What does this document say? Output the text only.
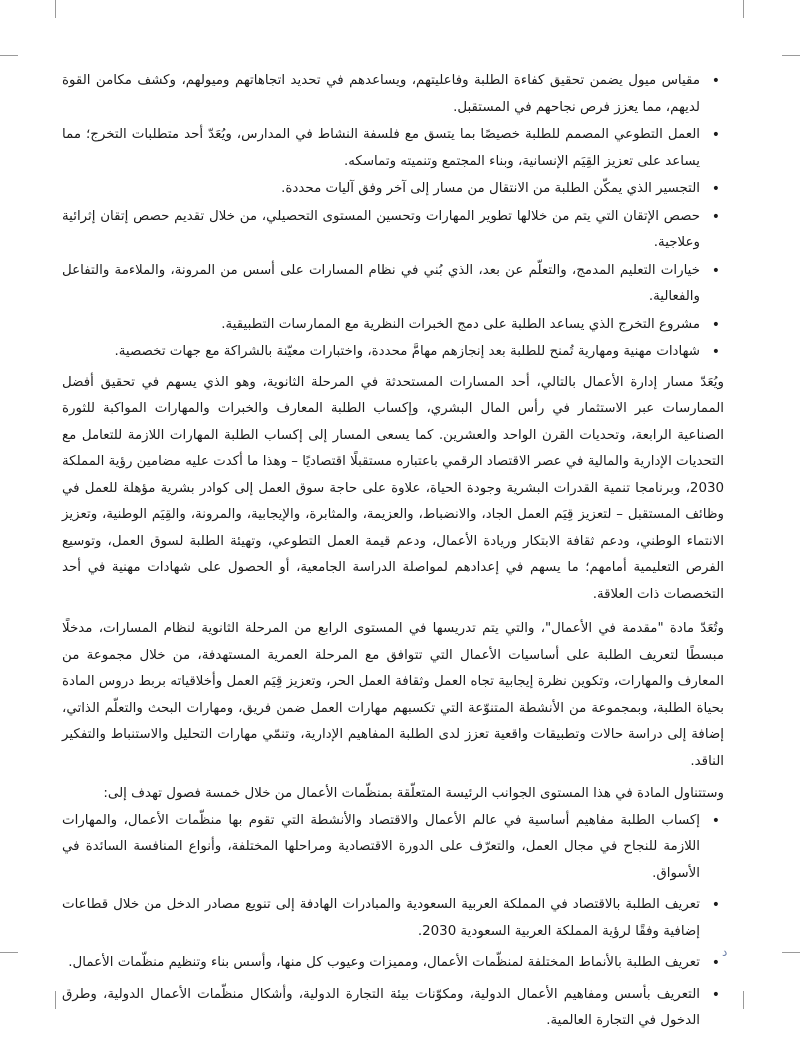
• مقياس ميول يضمن تحقيق كفاءة الطلبة وفاعليتهم، ويساعدهم في تحديد اتجاهاتهم وميولهم، وكشف مكامن القوة لديهم، مما يعزز فرص نجاحهم في المستقبل.
• العمل التطوعي المصمم للطلبة خصيصًا بما يتسق مع فلسفة النشاط في المدارس، ويُعَدّ أحد متطلبات التخرج؛ مما يساعد على تعزيز القِيَم الإنسانية، وبناء المجتمع وتنميته وتماسكه.
• التجسير الذي يمكّن الطلبة من الانتقال من مسار إلى آخر وفق آليات محددة.
• حصص الإتقان التي يتم من خلالها تطوير المهارات وتحسين المستوى التحصيلي، من خلال تقديم حصص إتقان إثرائية وعلاجية.
• خيارات التعليم المدمج، والتعلّم عن بعد، الذي بُني في نظام المسارات على أسس من المرونة، والملاءمة والتفاعل والفعالية.
• مشروع التخرج الذي يساعد الطلبة على دمج الخبرات النظرية مع الممارسات التطبيقية.
• شهادات مهنية ومهارية تُمنح للطلبة بعد إنجازهم مهامَّ محددة، واختبارات معيّنة بالشراكة مع جهات تخصصية.

ويُعَدّ مسار إدارة الأعمال بالتالي، أحد المسارات المستحدثة في المرحلة الثانوية، وهو الذي يسهم في تحقيق أفضل الممارسات عبر الاستثمار في رأس المال البشري، وإكساب الطلبة المعارف والخبرات والمهارات المواكبة للثورة الصناعية الرابعة، وتحديات القرن الواحد والعشرين. كما يسعى المسار إلى إكساب الطلبة المهارات اللازمة للتعامل مع التحديات الإدارية والمالية في عصر الاقتصاد الرقمي باعتباره مستقبلًا اقتصاديًا – وهذا ما أكدت عليه مضامين رؤية المملكة 2030، وبرنامجا تنمية القدرات البشرية وجودة الحياة، علاوة على حاجة سوق العمل إلى كوادر بشرية مؤهلة للعمل في وظائف المستقبل – لتعزيز قِيَم العمل الجاد، والانضباط، والعزيمة، والمثابرة، والإيجابية، والمرونة، والقِيَم الوطنية، وتعزيز الانتماء الوطني، ودعم ثقافة الابتكار وريادة الأعمال، ودعم قيمة العمل التطوعي، وتهيئة الطلبة لسوق العمل، وتوسيع الفرص التعليمية أمامهم؛ ما يسهم في إعدادهم لمواصلة الدراسة الجامعية، أو الحصول على شهادات مهنية في أحد التخصصات ذات العلاقة.

وتُعَدّ مادة "مقدمة في الأعمال"، والتي يتم تدريسها في المستوى الرابع من المرحلة الثانوية لنظام المسارات، مدخلًا مبسطًا لتعريف الطلبة على أساسيات الأعمال التي تتوافق مع المرحلة العمرية المستهدفة، من خلال مجموعة من المعارف والمهارات، وتكوين نظرة إيجابية تجاه العمل وثقافة العمل الحر، وتعزيز قِيَم العمل وأخلاقياته بربط دروس المادة بحياة الطلبة، وبمجموعة من الأنشطة المتنوّعة التي تكسبهم مهارات العمل ضمن فريق، ومهارات البحث والتعلّم الذاتي، إضافة إلى دراسة حالات وتطبيقات واقعية تعزز لدى الطلبة المفاهيم الإدارية، وتنمّي مهارات التحليل والاستنباط والتفكير الناقد.

وستتناول المادة في هذا المستوى الجوانب الرئيسة المتعلّقة بمنظّمات الأعمال من خلال خمسة فصول تهدف إلى:

• إكساب الطلبة مفاهيم أساسية في عالم الأعمال والاقتصاد والأنشطة التي تقوم بها منظّمات الأعمال، والمهارات اللازمة للنجاح في مجال العمل، والتعرّف على الدورة الاقتصادية ومراحلها المختلفة، وأنواع المنافسة السائدة في الأسواق.
• تعريف الطلبة بالاقتصاد في المملكة العربية السعودية والمبادرات الهادفة إلى تنويع مصادر الدخل من خلال قطاعات إضافية وفقًا لرؤية المملكة العربية السعودية 2030.
• تعريف الطلبة بالأنماط المختلفة لمنظّمات الأعمال، ومميزات وعيوب كل منها، وأسس بناء وتنظيم منظّمات الأعمال.
• التعريف بأسس ومفاهيم الأعمال الدولية، ومكوّنات بيئة التجارة الدولية، وأشكال منظّمات الأعمال الدولية، وطرق الدخول في التجارة العالمية.
د
